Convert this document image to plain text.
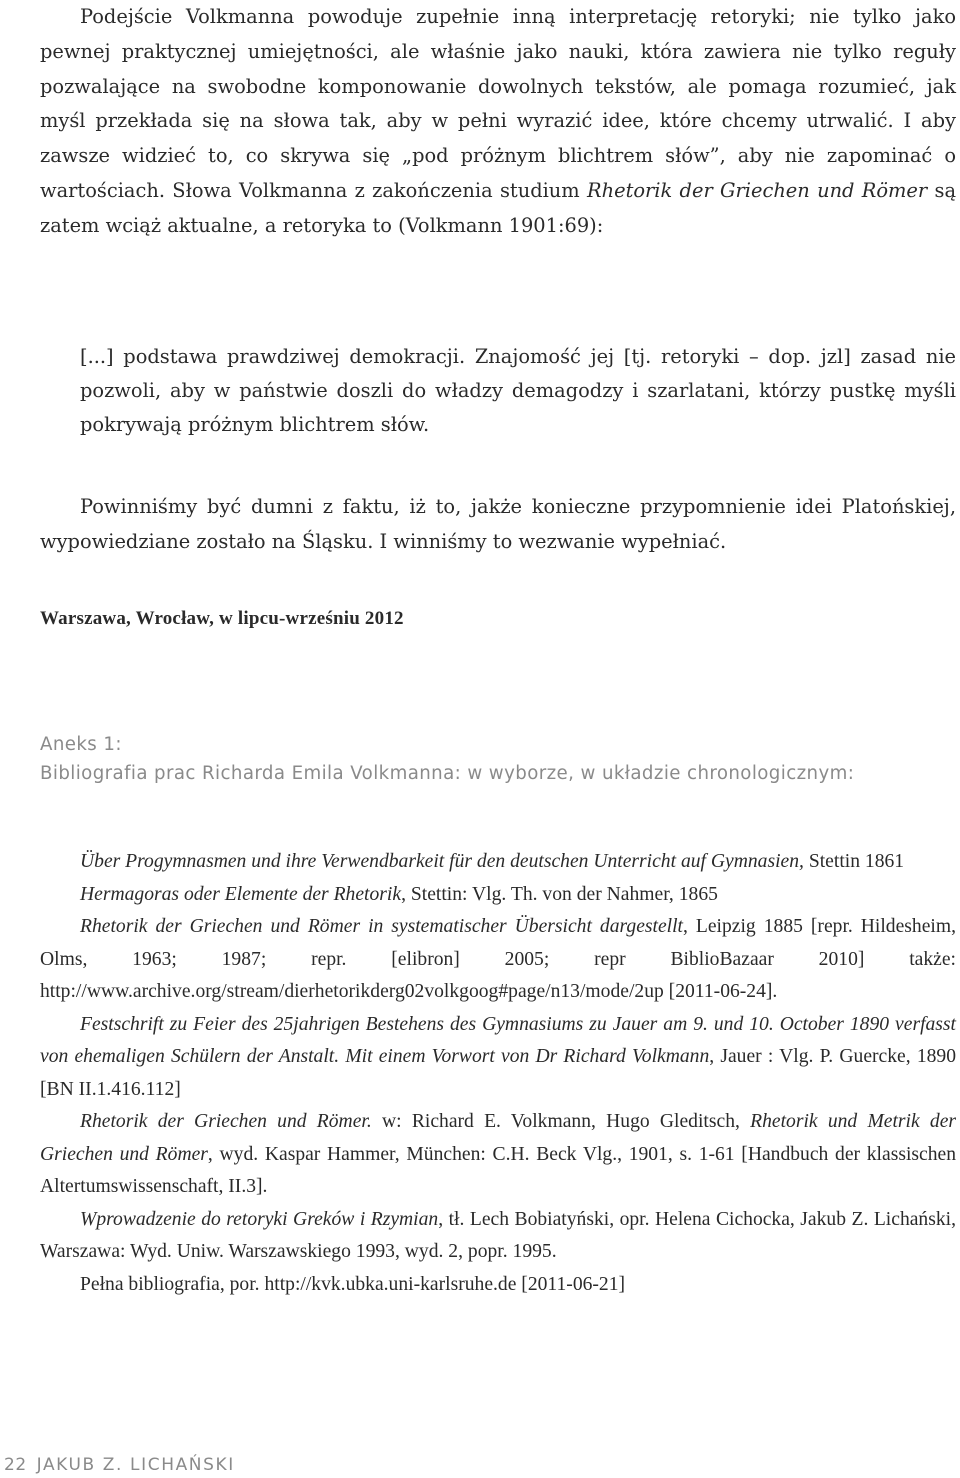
Podejście Volkmanna powoduje zupełnie inną interpretację retoryki; nie tylko jako pewnej praktycznej umiejętności, ale właśnie jako nauki, która zawiera nie tylko reguły pozwalające na swobodne komponowanie dowolnych tekstów, ale pomaga rozumieć, jak myśl przekłada się na słowa tak, aby w pełni wyrazić idee, które chcemy utrwalić. I aby zawsze widzieć to, co skrywa się „pod próżnym blichtrem słów”, aby nie zapominać o wartościach. Słowa Volkmanna z zakończenia studium Rhetorik der Griechen und Römer są zatem wciąż aktualne, a retoryka to (Volkmann 1901:69):

[...] podstawa prawdziwej demokracji. Znajomość jej [tj. retoryki – dop. jzl] zasad nie pozwoli, aby w państwie doszli do władzy demagodzy i szarlatani, którzy pustkę myśli pokrywają próżnym blichtrem słów.

Powinniśmy być dumni z faktu, iż to, jakże konieczne przypomnienie idei Platońskiej, wypowiedziane zostało na Śląsku. I winniśmy to wezwanie wypełniać.

Warszawa, Wrocław, w lipcu-wrześniu 2012
Aneks 1:
Bibliografia prac Richarda Emila Volkmanna: w wyborze, w układzie chronologicznym:

Über Progymnasmen und ihre Verwendbarkeit für den deutschen Unterricht auf Gymnasien, Stettin 1861

Hermagoras oder Elemente der Rhetorik, Stettin: Vlg. Th. von der Nahmer, 1865

Rhetorik der Griechen und Römer in systematischer Übersicht dargestellt, Leipzig 1885 [repr. Hildesheim, Olms, 1963; 1987; repr. [elibron] 2005; repr BiblioBazaar 2010] także: http://www.archive.org/stream/dierhetorikderg02volkgoog#page/n13/mode/2up [2011-06-24].

Festschrift zu Feier des 25jahrigen Bestehens des Gymnasiums zu Jauer am 9. und 10. October 1890 verfasst von ehemaligen Schülern der Anstalt. Mit einem Vorwort von Dr Richard Volkmann, Jauer : Vlg. P. Guercke, 1890 [BN II.1.416.112]

Rhetorik der Griechen und Römer. w: Richard E. Volkmann, Hugo Gleditsch, Rhetorik und Metrik der Griechen und Römer, wyd. Kaspar Hammer, München: C.H. Beck Vlg., 1901, s. 1-61 [Handbuch der klassischen Altertumswissenschaft, II.3].

Wprowadzenie do retoryki Greków i Rzymian, tł. Lech Bobiatyński, opr. Helena Cichocka, Jakub Z. Lichański, Warszawa: Wyd. Uniw. Warszawskiego 1993, wyd. 2, popr. 1995.

Pełna bibliografia, por. http://kvk.ubka.uni-karlsruhe.de [2011-06-21]

22 JAKUB Z. LICHAŃSKI
